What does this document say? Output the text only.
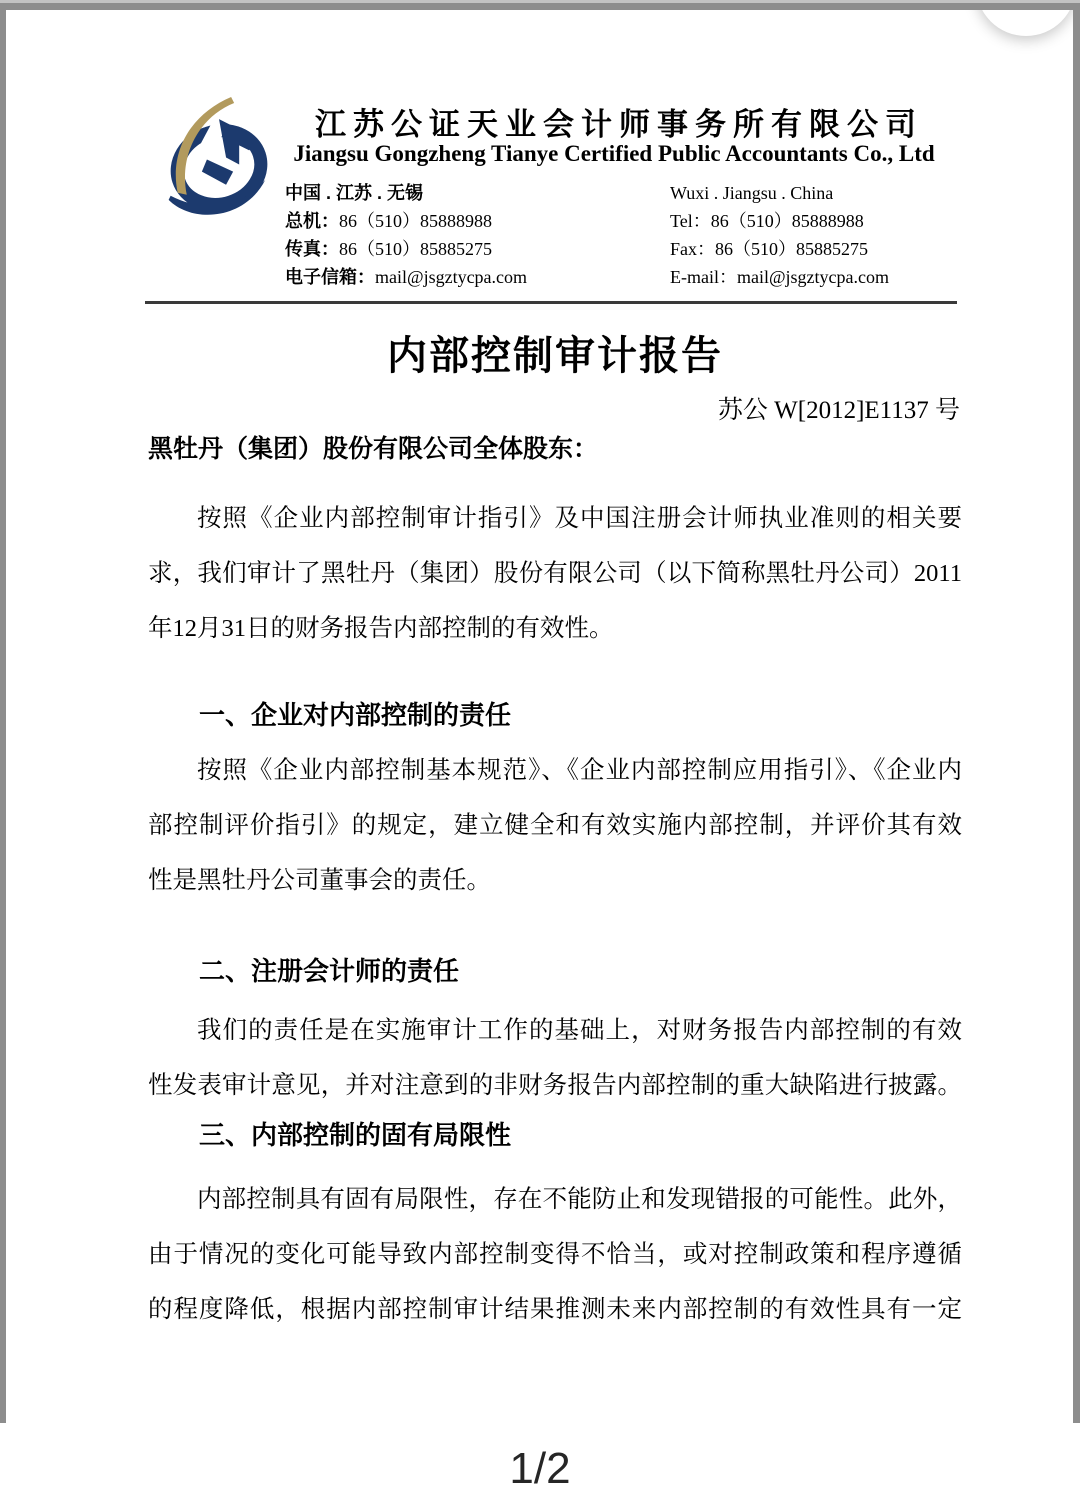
1/2
江苏公证天业会计师事务所有限公司
Jiangsu Gongzheng Tianye Certified Public Accountants Co., Ltd
中国 . 江苏 . 无锡
总机：86（510）85888988
传真：86（510）85885275
电子信箱：mail@jsgztycpa.com
Wuxi . Jiangsu . China
Tel：86（510）85888988
Fax：86（510）85885275
E-mail：mail@jsgztycpa.com
内部控制审计报告
苏公 W[2012]E1137 号
黑牡丹（集团）股份有限公司全体股东：
按照《企业内部控制审计指引》及中国注册会计师执业准则的相关要
求，我们审计了黑牡丹（集团）股份有限公司（以下简称黑牡丹公司）2011
年12月31日的财务报告内部控制的有效性。
一、企业对内部控制的责任
按照《企业内部控制基本规范》、《企业内部控制应用指引》、《企业内
部控制评价指引》的规定，建立健全和有效实施内部控制，并评价其有效
性是黑牡丹公司董事会的责任。
二、注册会计师的责任
我们的责任是在实施审计工作的基础上，对财务报告内部控制的有效
性发表审计意见，并对注意到的非财务报告内部控制的重大缺陷进行披露。
三、内部控制的固有局限性
内部控制具有固有局限性，存在不能防止和发现错报的可能性。此外，
由于情况的变化可能导致内部控制变得不恰当，或对控制政策和程序遵循
的程度降低，根据内部控制审计结果推测未来内部控制的有效性具有一定
